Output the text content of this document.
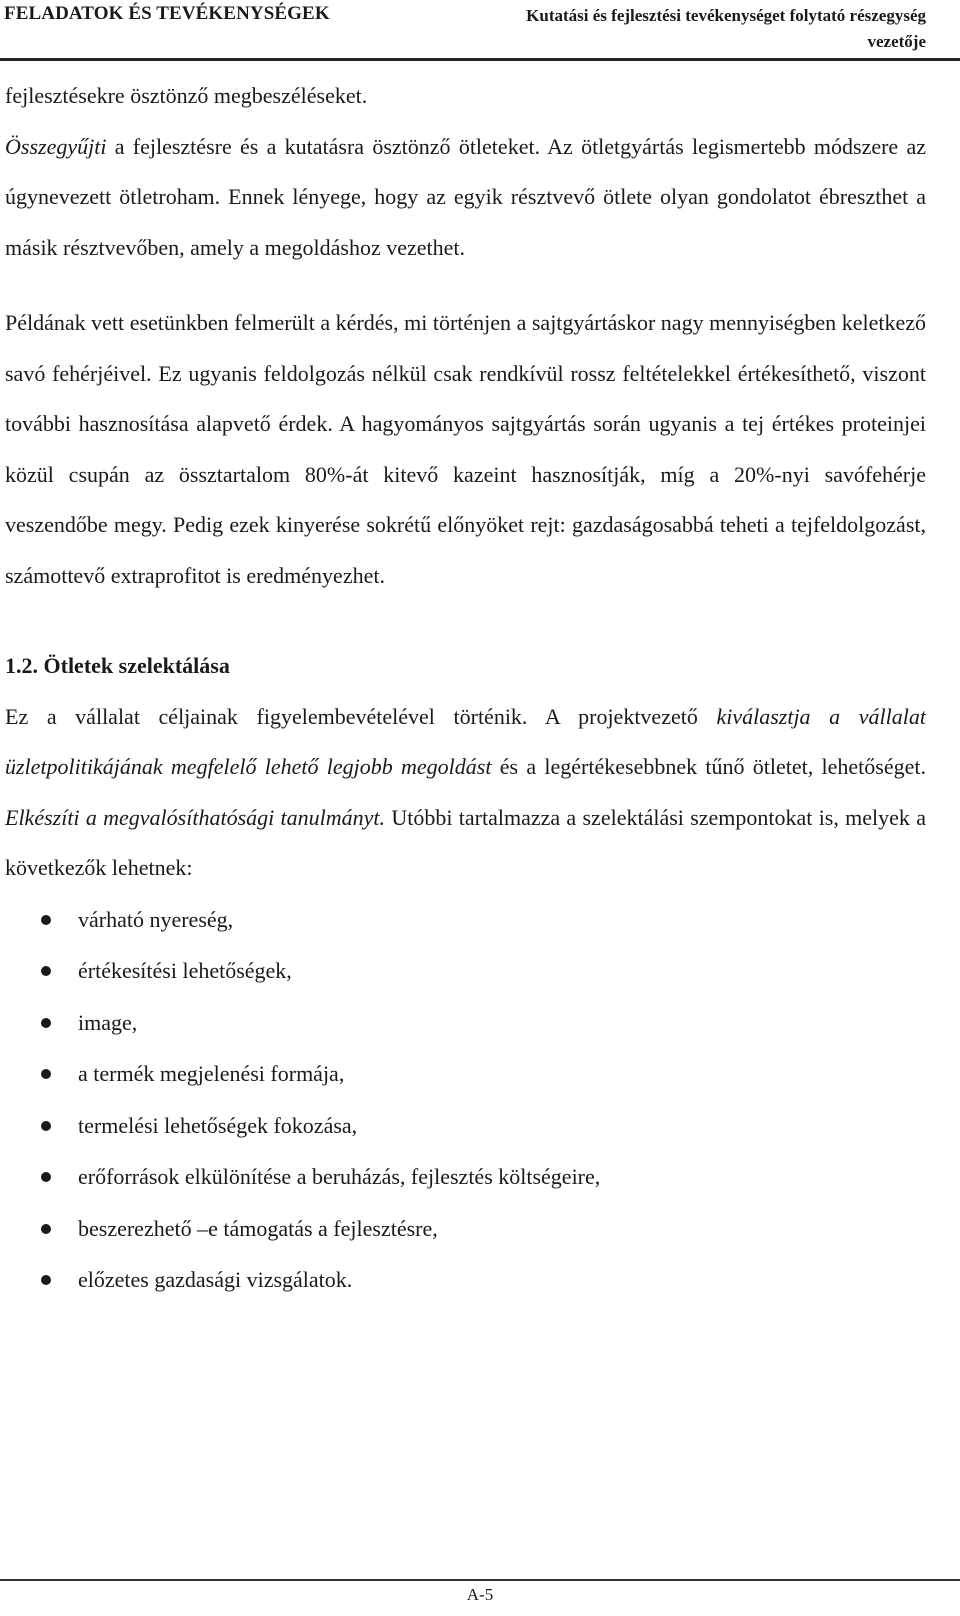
FELADATOK ÉS TEVÉKENYSÉGEK	Kutatási és fejlesztési tevékenységet folytató részegység vezetője

fejlesztésekre ösztönző megbeszéléseket.

Összegyűjti a fejlesztésre és a kutatásra ösztönző ötleteket. Az ötletgyártás legismertebb módszere az úgynevezett ötletroham. Ennek lényege, hogy az egyik résztvevő ötlete olyan gondolatot ébreszthet a másik résztvevőben, amely a megoldáshoz vezethet.

Példának vett esetünkben felmerült a kérdés, mi történjen a sajtgyártáskor nagy mennyiségben keletkező savó fehérjéivel. Ez ugyanis feldolgozás nélkül csak rendkívül rossz feltételekkel értékesíthető, viszont további hasznosítása alapvető érdek. A hagyományos sajtgyártás során ugyanis a tej értékes proteinjei közül csupán az össztartalom 80%-át kitevő kazeint hasznosítják, míg a 20%-nyi savófehérje veszendőbe megy. Pedig ezek kinyerése sokrétű előnyöket rejt: gazdaságosabbá teheti a tejfeldolgozást, számottevő extraprofitot is eredményezhet.

1.2. Ötletek szelektálása

Ez a vállalat céljainak figyelembevételével történik. A projektvezető kiválasztja a vállalat üzletpolitikájának megfelelő lehető legjobb megoldást és a legértékesebbnek tűnő ötletet, lehetőséget. Elkészíti a megvalósíthatósági tanulmányt. Utóbbi tartalmazza a szelektálási szempontokat is, melyek a következők lehetnek:

várható nyereség,
értékesítési lehetőségek,
image,
a termék megjelenési formája,
termelési lehetőségek fokozása,
erőforrások elkülönítése a beruházás, fejlesztés költségeire,
beszerezhető –e támogatás a fejlesztésre,
előzetes gazdasági vizsgálatok.
A-5
